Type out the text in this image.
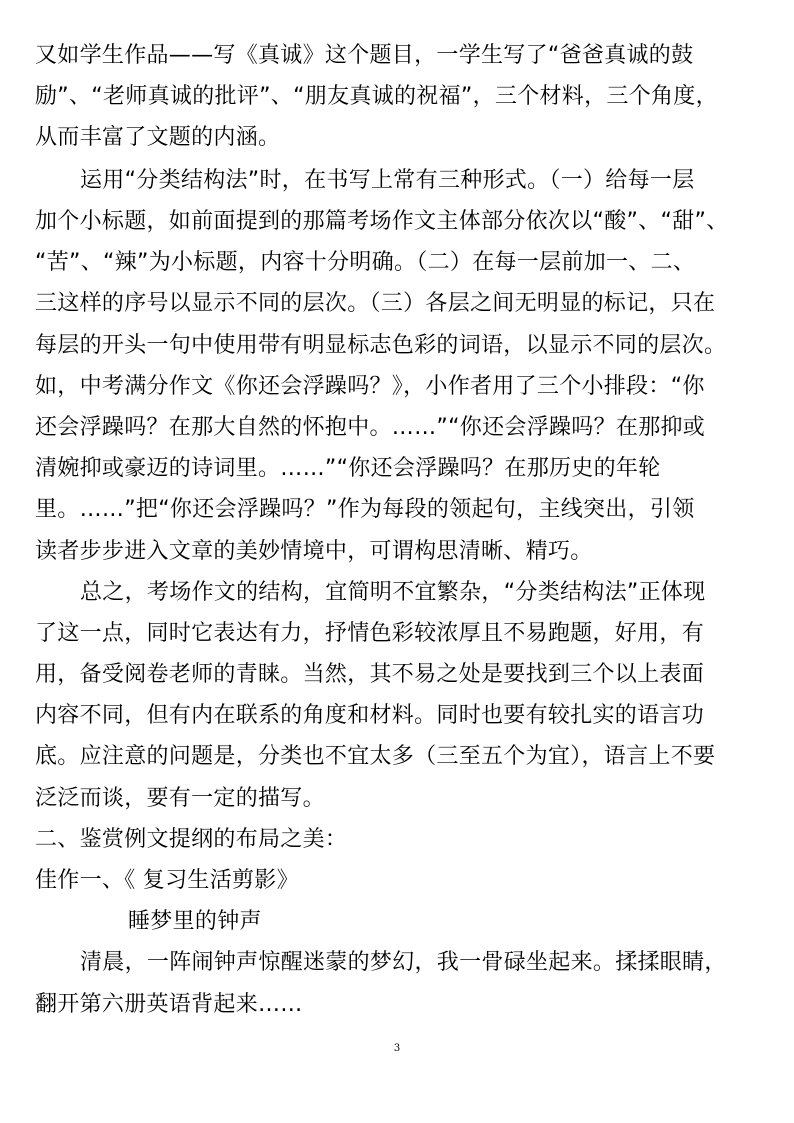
又如学生作品——写《真诚》这个题目，一学生写了“爸爸真诚的鼓
励”、“老师真诚的批评”、“朋友真诚的祝福”，三个材料，三个角度，
从而丰富了文题的内涵。
运用“分类结构法”时，在书写上常有三种形式。（一）给每一层
加个小标题，如前面提到的那篇考场作文主体部分依次以“酸”、“甜”、
“苦”、“辣”为小标题，内容十分明确。（二）在每一层前加一、二、
三这样的序号以显示不同的层次。（三）各层之间无明显的标记，只在
每层的开头一句中使用带有明显标志色彩的词语，以显示不同的层次。
如，中考满分作文《你还会浮躁吗？》，小作者用了三个小排段：“你
还会浮躁吗？在那大自然的怀抱中。……”“你还会浮躁吗？在那抑或
清婉抑或豪迈的诗词里。……”“你还会浮躁吗？在那历史的年轮
里。……”把“你还会浮躁吗？”作为每段的领起句，主线突出，引领
读者步步进入文章的美妙情境中，可谓构思清晰、精巧。
总之，考场作文的结构，宜简明不宜繁杂，“分类结构法”正体现
了这一点，同时它表达有力，抒情色彩较浓厚且不易跑题，好用，有
用，备受阅卷老师的青睐。当然，其不易之处是要找到三个以上表面
内容不同，但有内在联系的角度和材料。同时也要有较扎实的语言功
底。应注意的问题是，分类也不宜太多（三至五个为宜），语言上不要
泛泛而谈，要有一定的描写。
二、鉴赏例文提纲的布局之美：
佳作一、《 复习生活剪影》
睡梦里的钟声
清晨，一阵闹钟声惊醒迷蒙的梦幻，我一骨碌坐起来。揉揉眼睛，
翻开第六册英语背起来……
3
